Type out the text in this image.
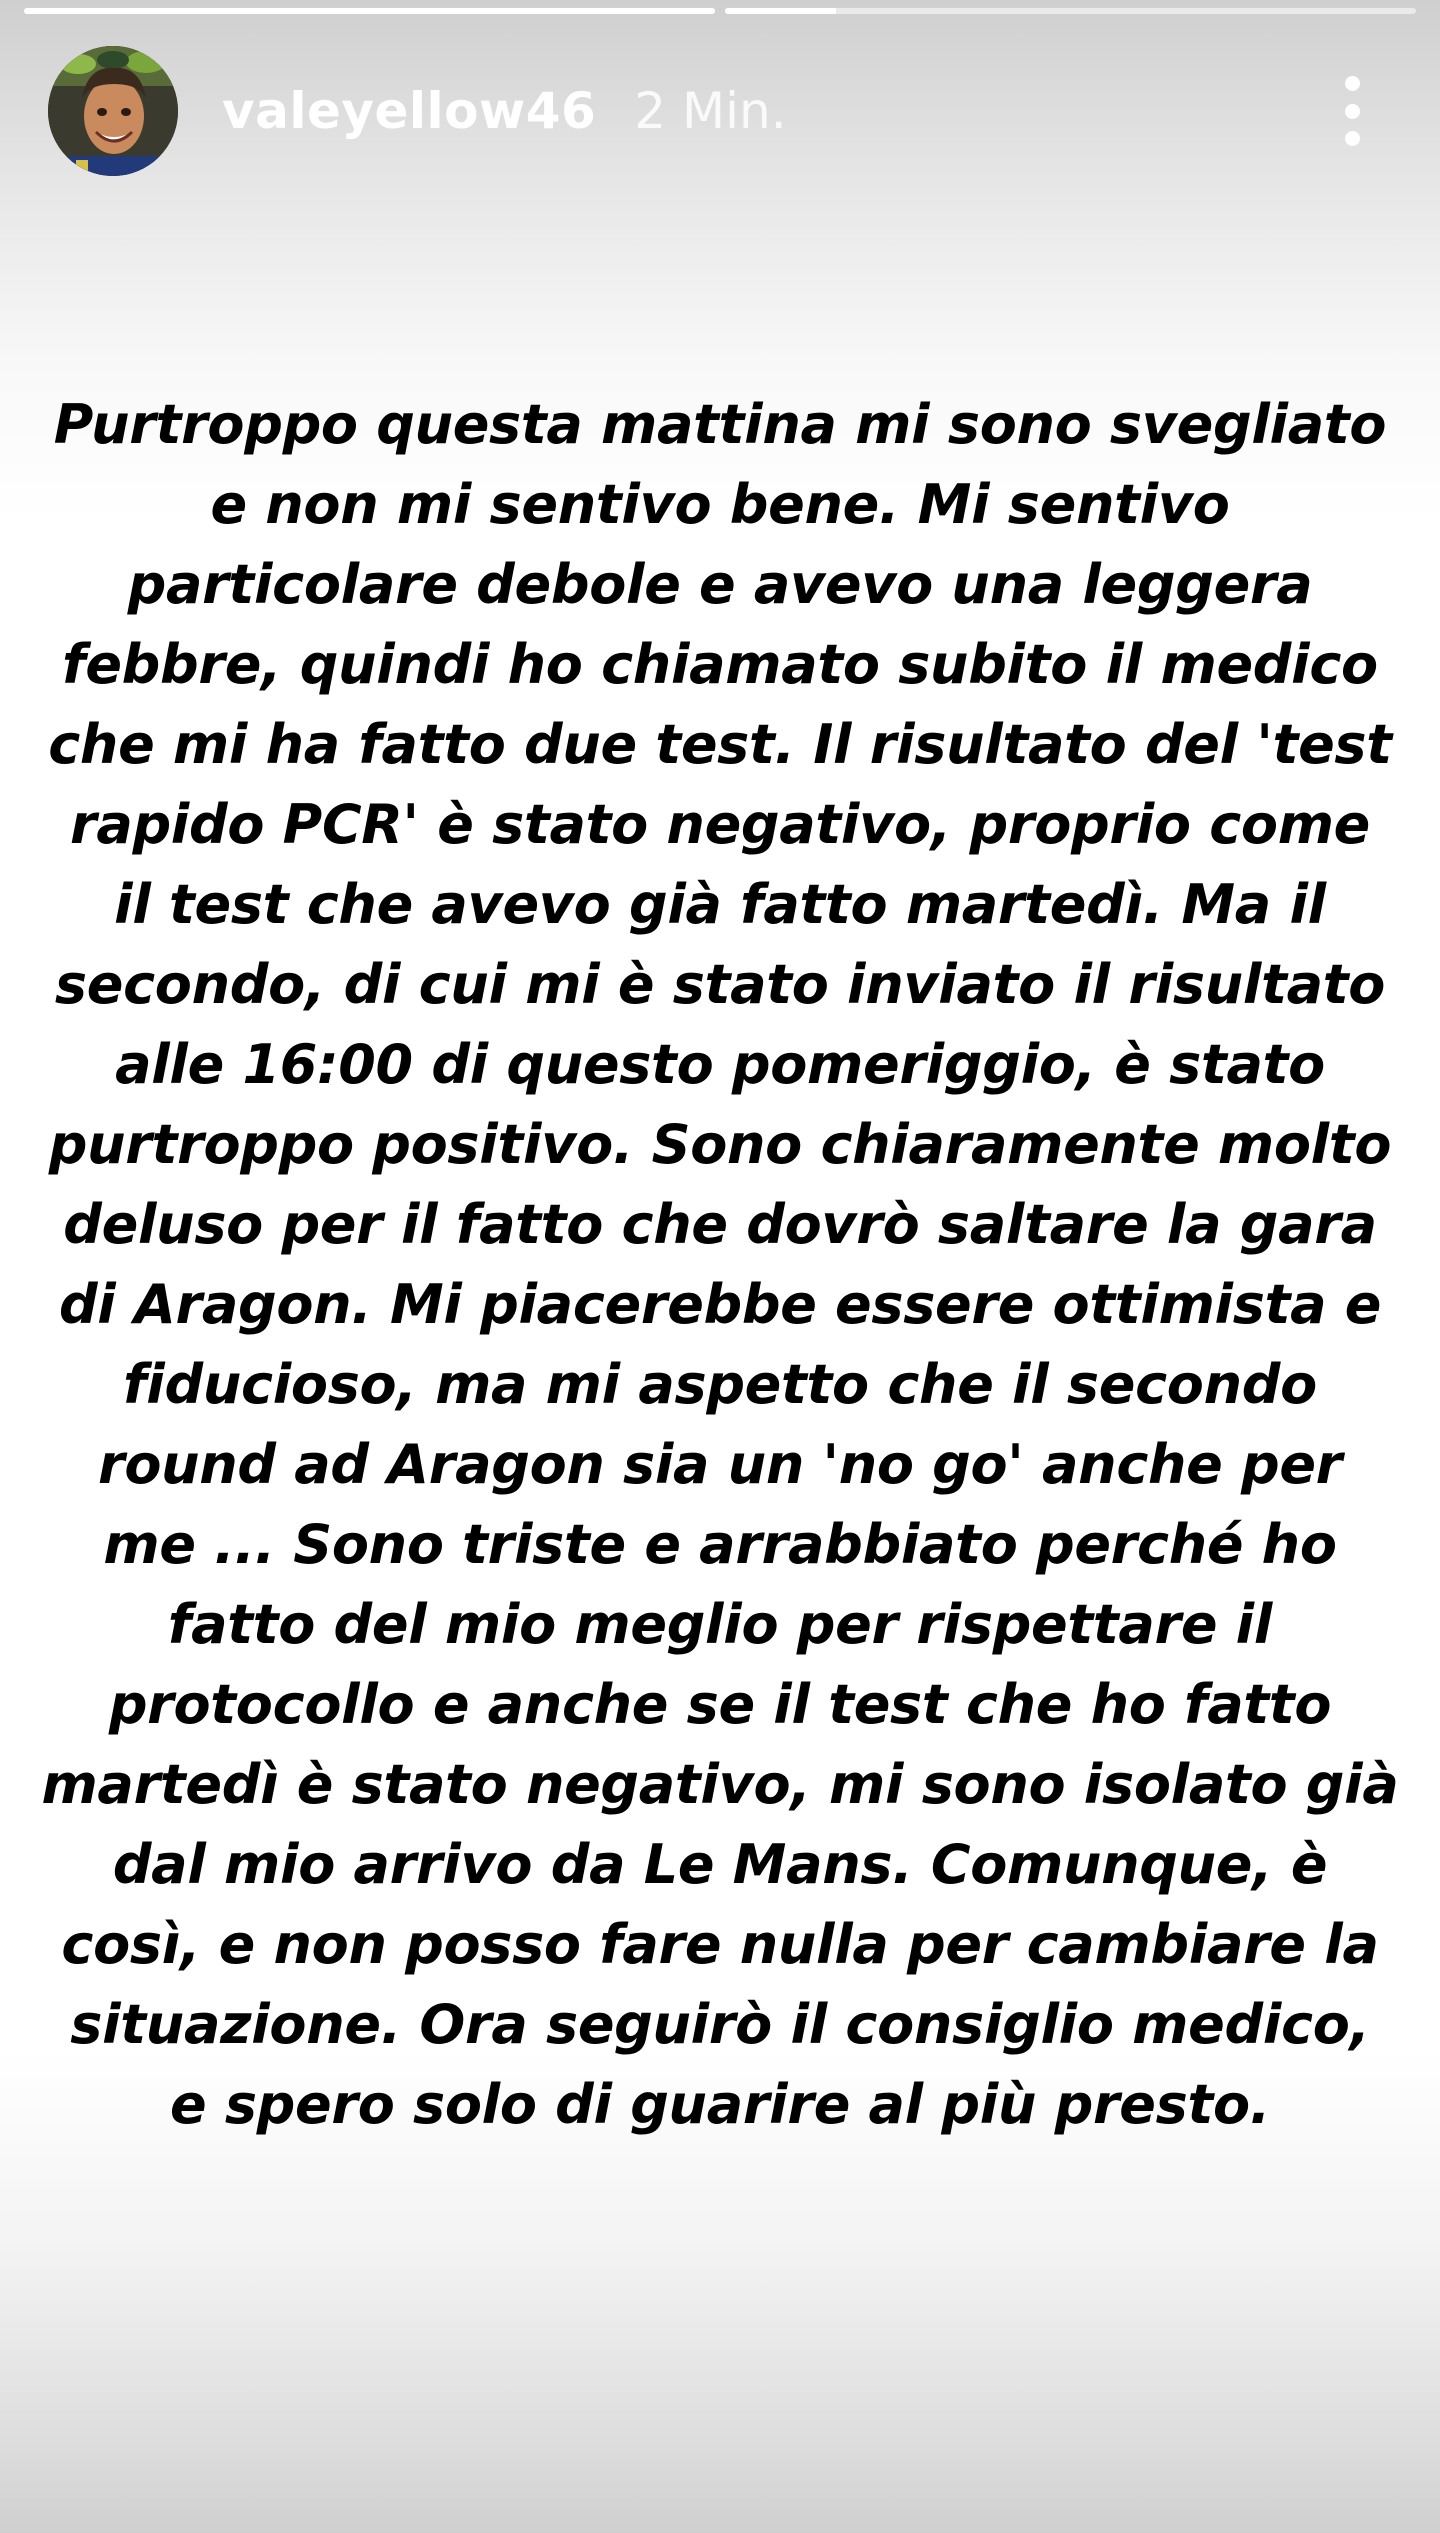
valeyellow46 2 Min.

Purtroppo questa mattina mi sono svegliato
e non mi sentivo bene. Mi sentivo
particolare debole e avevo una leggera
febbre, quindi ho chiamato subito il medico
che mi ha fatto due test. Il risultato del 'test
rapido PCR' è stato negativo, proprio come
il test che avevo già fatto martedì. Ma il
secondo, di cui mi è stato inviato il risultato
alle 16:00 di questo pomeriggio, è stato
purtroppo positivo. Sono chiaramente molto
deluso per il fatto che dovrò saltare la gara
di Aragon. Mi piacerebbe essere ottimista e
fiducioso, ma mi aspetto che il secondo
round ad Aragon sia un 'no go' anche per
me ... Sono triste e arrabbiato perché ho
fatto del mio meglio per rispettare il
protocollo e anche se il test che ho fatto
martedì è stato negativo, mi sono isolato già
dal mio arrivo da Le Mans. Comunque, è
così, e non posso fare nulla per cambiare la
situazione. Ora seguirò il consiglio medico,
e spero solo di guarire al più presto.
